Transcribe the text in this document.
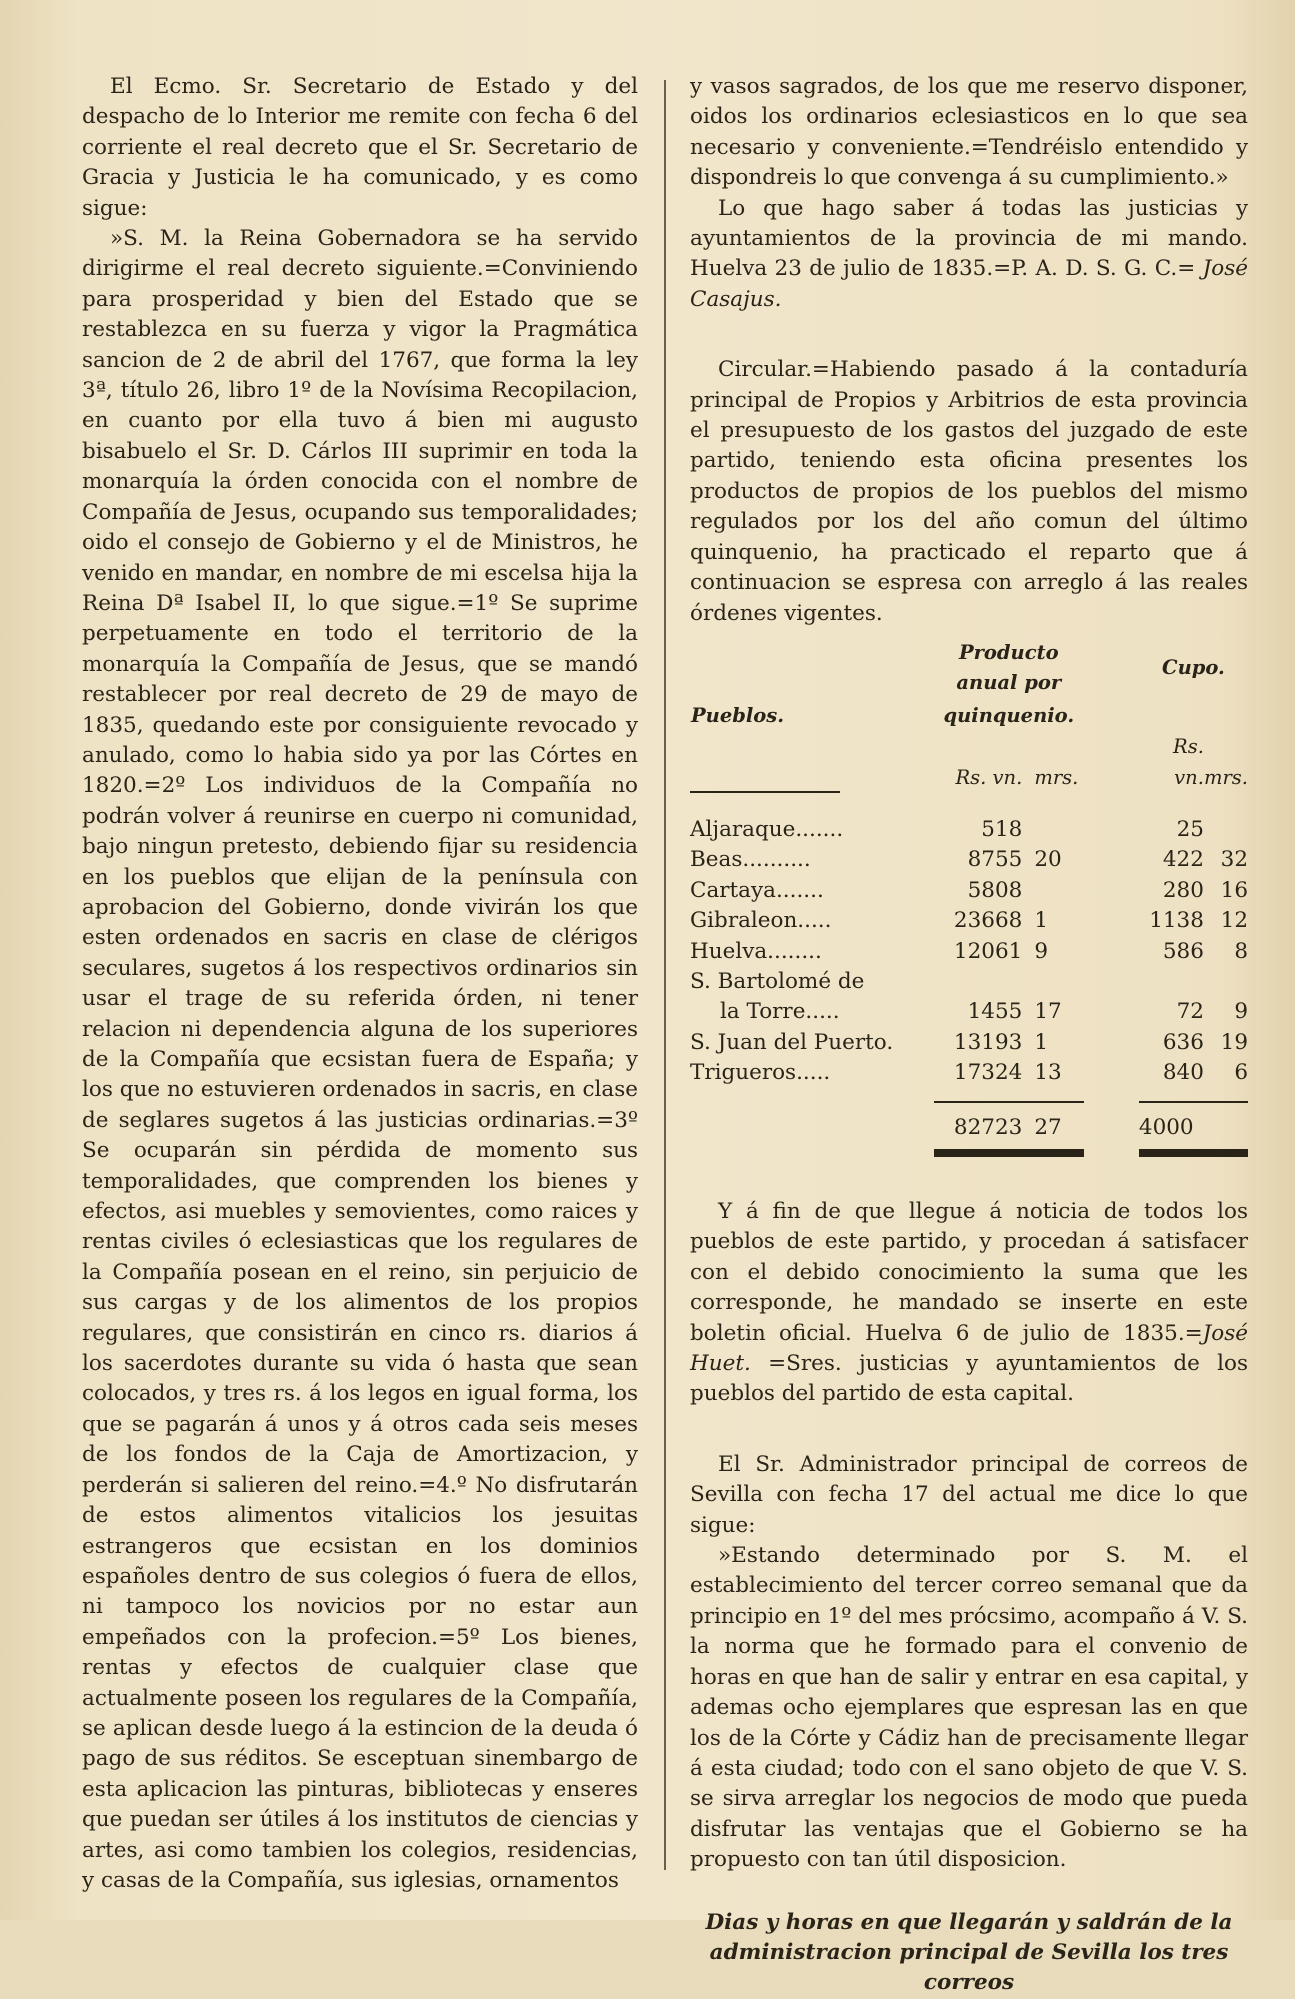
El Ecmo. Sr. Secretario de Estado y del despacho de lo Interior me remite con fecha 6 del corriente el real decreto que el Sr. Secretario de Gracia y Justicia le ha comunicado, y es como sigue:

»S. M. la Reina Gobernadora se ha servido dirigirme el real decreto siguiente.=Conviniendo para prosperidad y bien del Estado que se restablezca en su fuerza y vigor la Pragmática sancion de 2 de abril del 1767, que forma la ley 3ª, título 26, libro 1º de la Novísima Recopilacion, en cuanto por ella tuvo á bien mi augusto bisabuelo el Sr. D. Cárlos III suprimir en toda la monarquía la órden conocida con el nombre de Compañía de Jesus, ocupando sus temporalidades; oido el consejo de Gobierno y el de Ministros, he venido en mandar, en nombre de mi escelsa hija la Reina Dª Isabel II, lo que sigue.=1º Se suprime perpetuamente en todo el territorio de la monarquía la Compañía de Jesus, que se mandó restablecer por real decreto de 29 de mayo de 1835, quedando este por consiguiente revocado y anulado, como lo habia sido ya por las Córtes en 1820.=2º Los individuos de la Compañía no podrán volver á reunirse en cuerpo ni comunidad, bajo ningun pretesto, debiendo fijar su residencia en los pueblos que elijan de la península con aprobacion del Gobierno, donde vivirán los que esten ordenados en sacris en clase de clérigos seculares, sugetos á los respectivos ordinarios sin usar el trage de su referida órden, ni tener relacion ni dependencia alguna de los superiores de la Compañía que ecsistan fuera de España; y los que no estuvieren ordenados in sacris, en clase de seglares sugetos á las justicias ordinarias.=3º Se ocuparán sin pérdida de momento sus temporalidades, que comprenden los bienes y efectos, asi muebles y semovientes, como raices y rentas civiles ó eclesiasticas que los regulares de la Compañía posean en el reino, sin perjuicio de sus cargas y de los alimentos de los propios regulares, que consistirán en cinco rs. diarios á los sacerdotes durante su vida ó hasta que sean colocados, y tres rs. á los legos en igual forma, los que se pagarán á unos y á otros cada seis meses de los fondos de la Caja de Amortizacion, y perderán si salieren del reino.=4.º No disfrutarán de estos alimentos vitalicios los jesuitas estrangeros que ecsistan en los dominios españoles dentro de sus colegios ó fuera de ellos, ni tampoco los novicios por no estar aun empeñados con la profecion.=5º Los bienes, rentas y efectos de cualquier clase que actualmente poseen los regulares de la Compañía, se aplican desde luego á la estincion de la deuda ó pago de sus réditos. Se esceptuan sinembargo de esta aplicacion las pinturas, bibliotecas y enseres que puedan ser útiles á los institutos de ciencias y artes, asi como tambien los colegios, residencias, y casas de la Compañía, sus iglesias, ornamentos

y vasos sagrados, de los que me reservo disponer, oidos los ordinarios eclesiasticos en lo que sea necesario y conveniente.=Tendréislo entendido y dispondreis lo que convenga á su cumplimiento.»

Lo que hago saber á todas las justicias y ayuntamientos de la provincia de mi mando. Huelva 23 de julio de 1835.=P. A. D. S. G. C.= José Casajus.

Circular.=Habiendo pasado á la contaduría principal de Propios y Arbitrios de esta provincia el presupuesto de los gastos del juzgado de este partido, teniendo esta oficina presentes los productos de propios de los pueblos del mismo regulados por los del año comun del último quinquenio, ha practicado el reparto que á continuacion se espresa con arreglo á las reales órdenes vigentes.

Pueblos.	Producto anual por			Cupo.	
	quinquenio.				

	Rs. vn.	mrs.		Rs. vn.	mrs.

Aljaraque.......	518			25	
Beas..........	8755	20		422	32
Cartaya.......	5808			280	16
Gibraleon.....	23668	1		1138	12
Huelva........	12061	9		586	8
S. Bartolomé de					
la Torre.....	1455	17		72	9
S. Juan del Puerto.	13193	1		636	19
Trigueros.....	17324	13		840	6

	82723	27		4000	

Y á fin de que llegue á noticia de todos los pueblos de este partido, y procedan á satisfacer con el debido conocimiento la suma que les corresponde, he mandado se inserte en este boletin oficial. Huelva 6 de julio de 1835.=José Huet. =Sres. justicias y ayuntamientos de los pueblos del partido de esta capital.

El Sr. Administrador principal de correos de Sevilla con fecha 17 del actual me dice lo que sigue:

»Estando determinado por S. M. el establecimiento del tercer correo semanal que da principio en 1º del mes prócsimo, acompaño á V. S. la norma que he formado para el convenio de horas en que han de salir y entrar en esa capital, y ademas ocho ejemplares que espresan las en que los de la Córte y Cádiz han de precisamente llegar á esta ciudad; todo con el sano objeto de que V. S. se sirva arreglar los negocios de modo que pueda disfrutar las ventajas que el Gobierno se ha propuesto con tan útil disposicion.

Dias y horas en que llegarán y saldrán de la administracion principal de Sevilla los tres correos
